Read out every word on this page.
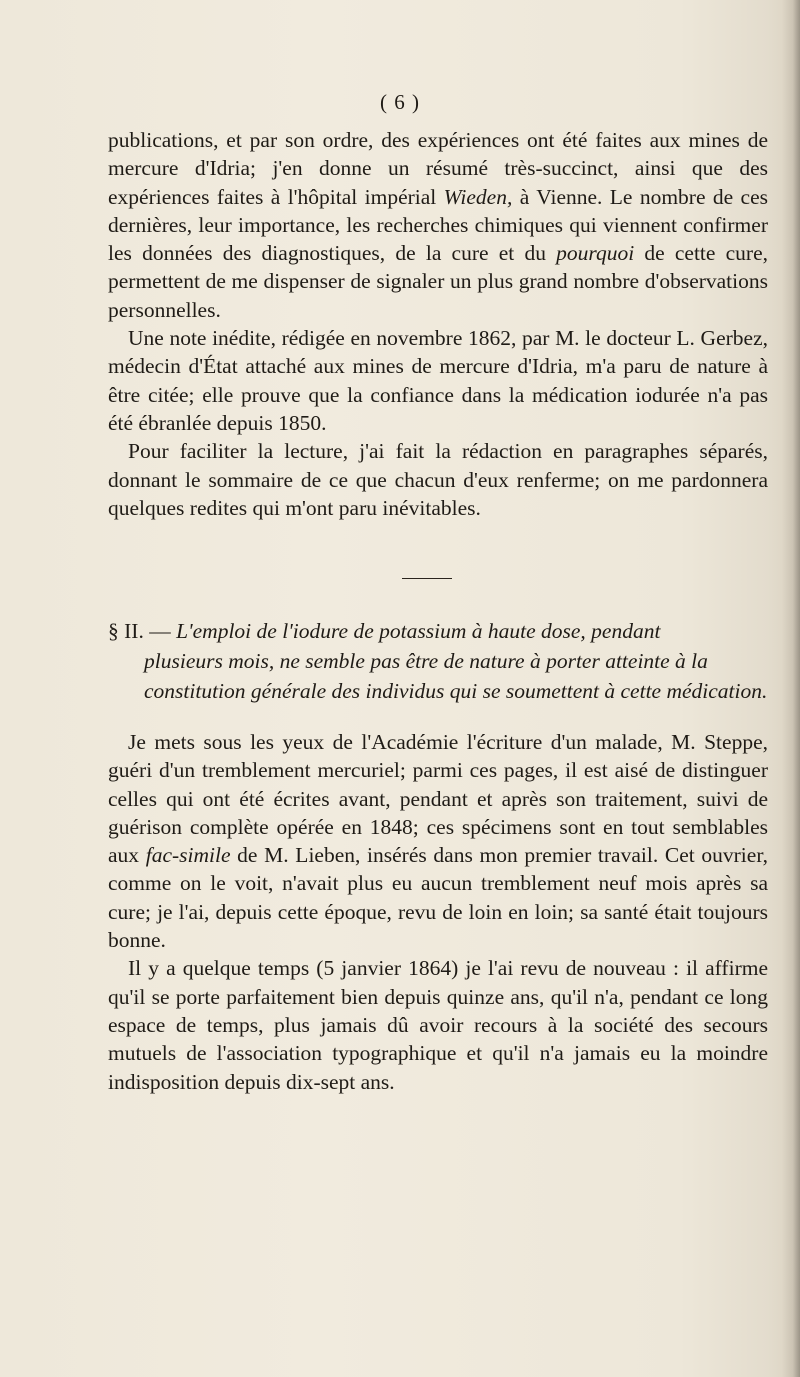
( 6 )

publications, et par son ordre, des expériences ont été faites aux mines de mercure d'Idria; j'en donne un résumé très-succinct, ainsi que des expériences faites à l'hôpital impérial Wieden, à Vienne. Le nombre de ces dernières, leur importance, les recherches chimiques qui viennent confirmer les données des diagnostiques, de la cure et du pourquoi de cette cure, permettent de me dispenser de signaler un plus grand nombre d'observations personnelles.

Une note inédite, rédigée en novembre 1862, par M. le docteur L. Gerbez, médecin d'État attaché aux mines de mercure d'Idria, m'a paru de nature à être citée; elle prouve que la confiance dans la médication iodurée n'a pas été ébranlée depuis 1850.

Pour faciliter la lecture, j'ai fait la rédaction en paragraphes séparés, donnant le sommaire de ce que chacun d'eux renferme; on me pardonnera quelques redites qui m'ont paru inévitables.

§ II. — L'emploi de l'iodure de potassium à haute dose, pendant
plusieurs mois, ne semble pas être de nature à porter atteinte à la constitution générale des individus qui se soumettent à cette médication.

Je mets sous les yeux de l'Académie l'écriture d'un malade, M. Steppe, guéri d'un tremblement mercuriel; parmi ces pages, il est aisé de distinguer celles qui ont été écrites avant, pendant et après son traitement, suivi de guérison complète opérée en 1848; ces spécimens sont en tout semblables aux fac-simile de M. Lieben, insérés dans mon premier travail. Cet ouvrier, comme on le voit, n'avait plus eu aucun tremblement neuf mois après sa cure; je l'ai, depuis cette époque, revu de loin en loin; sa santé était toujours bonne.

Il y a quelque temps (5 janvier 1864) je l'ai revu de nouveau : il affirme qu'il se porte parfaitement bien depuis quinze ans, qu'il n'a, pendant ce long espace de temps, plus jamais dû avoir recours à la société des secours mutuels de l'association typographique et qu'il n'a jamais eu la moindre indisposition depuis dix-sept ans.
